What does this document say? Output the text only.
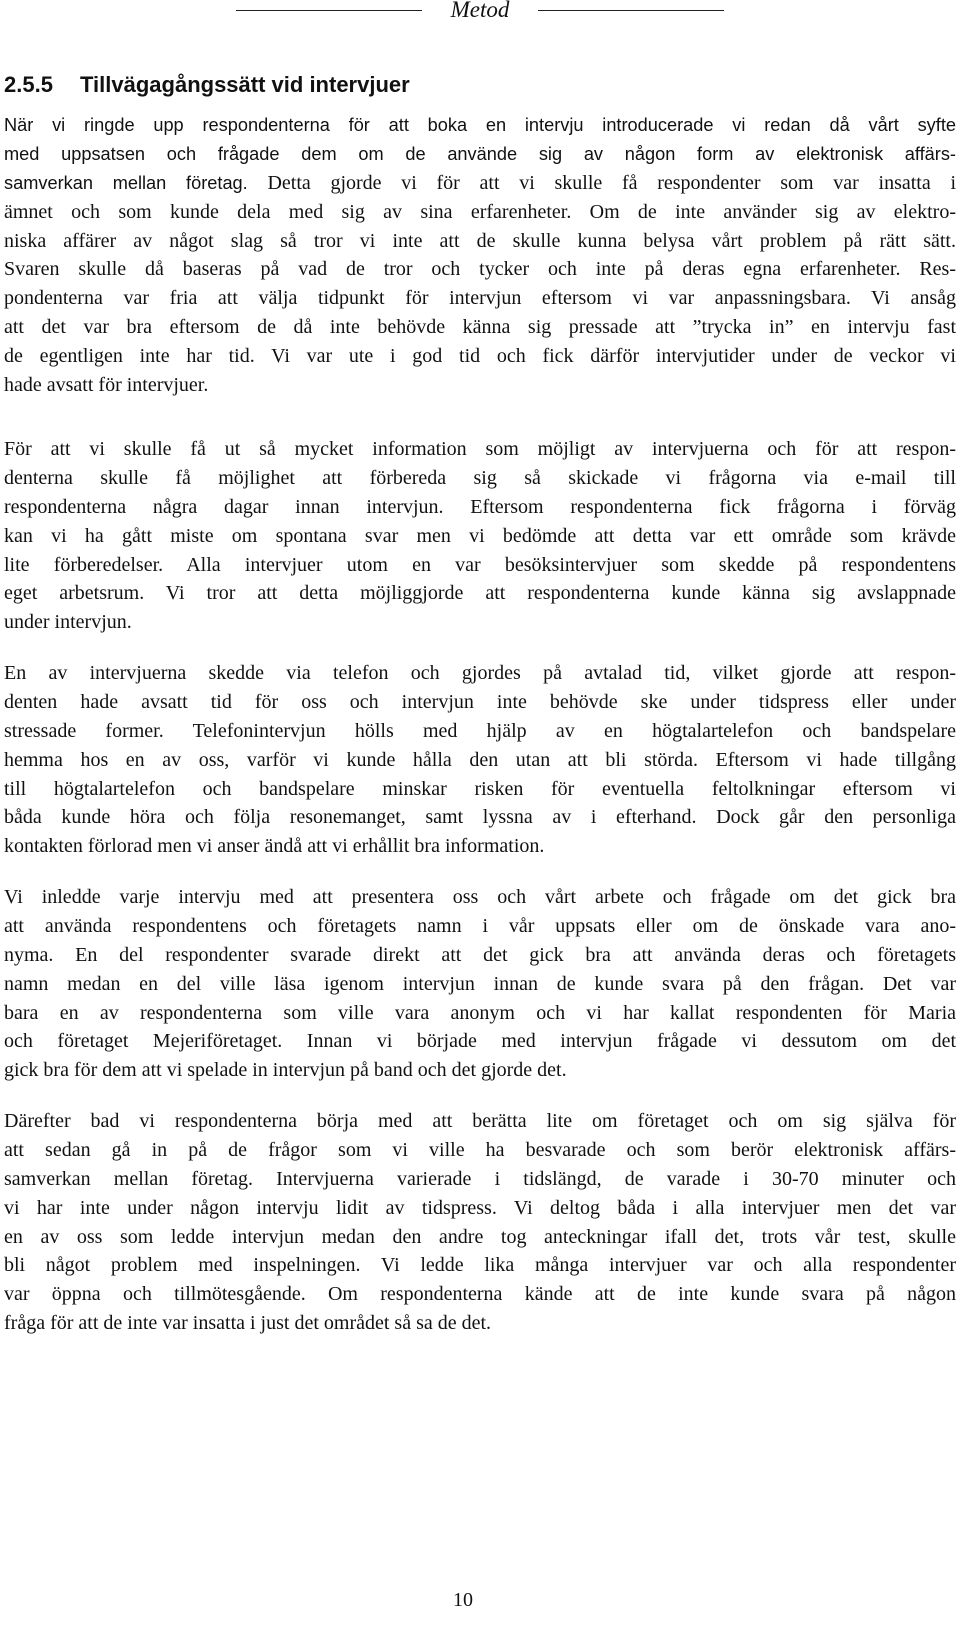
Metod
2.5.5 Tillvägagångssätt vid intervjuer
När vi ringde upp respondenterna för att boka en intervju introducerade vi redan då vårt syfte
med uppsatsen och frågade dem om de använde sig av någon form av elektronisk affärs-
samverkan mellan företag. Detta gjorde vi för att vi skulle få respondenter som var insatta i
ämnet och som kunde dela med sig av sina erfarenheter. Om de inte använder sig av elektro-
niska affärer av något slag så tror vi inte att de skulle kunna belysa vårt problem på rätt sätt.
Svaren skulle då baseras på vad de tror och tycker och inte på deras egna erfarenheter. Res-
pondenterna var fria att välja tidpunkt för intervjun eftersom vi var anpassningsbara. Vi ansåg
att det var bra eftersom de då inte behövde känna sig pressade att ”trycka in” en intervju fast
de egentligen inte har tid. Vi var ute i god tid och fick därför intervjutider under de veckor vi
hade avsatt för intervjuer.
För att vi skulle få ut så mycket information som möjligt av intervjuerna och för att respon-
denterna skulle få möjlighet att förbereda sig så skickade vi frågorna via e-mail till
respondenterna några dagar innan intervjun. Eftersom respondenterna fick frågorna i förväg
kan vi ha gått miste om spontana svar men vi bedömde att detta var ett område som krävde
lite förberedelser. Alla intervjuer utom en var besöksintervjuer som skedde på respondentens
eget arbetsrum. Vi tror att detta möjliggjorde att respondenterna kunde känna sig avslappnade
under intervjun.
En av intervjuerna skedde via telefon och gjordes på avtalad tid, vilket gjorde att respon-
denten hade avsatt tid för oss och intervjun inte behövde ske under tidspress eller under
stressade former. Telefonintervjun hölls med hjälp av en högtalartelefon och bandspelare
hemma hos en av oss, varför vi kunde hålla den utan att bli störda. Eftersom vi hade tillgång
till högtalartelefon och bandspelare minskar risken för eventuella feltolkningar eftersom vi
båda kunde höra och följa resonemanget, samt lyssna av i efterhand. Dock går den personliga
kontakten förlorad men vi anser ändå att vi erhållit bra information.
Vi inledde varje intervju med att presentera oss och vårt arbete och frågade om det gick bra
att använda respondentens och företagets namn i vår uppsats eller om de önskade vara ano-
nyma. En del respondenter svarade direkt att det gick bra att använda deras och företagets
namn medan en del ville läsa igenom intervjun innan de kunde svara på den frågan. Det var
bara en av respondenterna som ville vara anonym och vi har kallat respondenten för Maria
och företaget Mejeriföretaget. Innan vi började med intervjun frågade vi dessutom om det
gick bra för dem att vi spelade in intervjun på band och det gjorde det.
Därefter bad vi respondenterna börja med att berätta lite om företaget och om sig själva för
att sedan gå in på de frågor som vi ville ha besvarade och som berör elektronisk affärs-
samverkan mellan företag. Intervjuerna varierade i tidslängd, de varade i 30-70 minuter och
vi har inte under någon intervju lidit av tidspress. Vi deltog båda i alla intervjuer men det var
en av oss som ledde intervjun medan den andre tog anteckningar ifall det, trots vår test, skulle
bli något problem med inspelningen. Vi ledde lika många intervjuer var och alla respondenter
var öppna och tillmötesgående. Om respondenterna kände att de inte kunde svara på någon
fråga för att de inte var insatta i just det området så sa de det.
10
